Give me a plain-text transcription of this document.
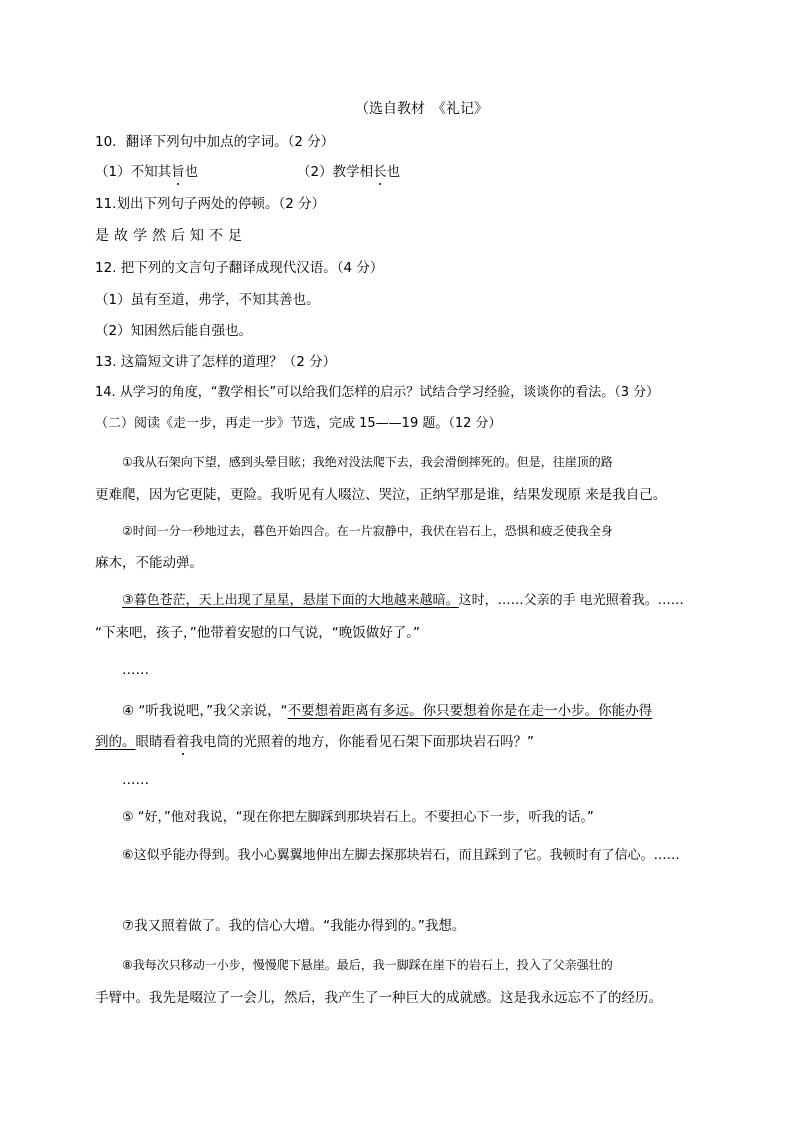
（选自教材　《礼记》
10．翻译下列句中加点的字词。（2 分）
（1）不知其旨也	（2）教学相长也
11.划出下列句子两处的停顿。（2 分）
是故学然后知不足
12. 把下列的文言句子翻译成现代汉语。（4 分）
（1）虽有至道，弗学，不知其善也。
（2）知困然后能自强也。
13. 这篇短文讲了怎样的道理？（2 分）
14. 从学习的角度，“教学相长”可以给我们怎样的启示？试结合学习经验，谈谈你的看法。（3 分）
（二）阅读《走一步，再走一步》节选，完成 15——19 题。（12 分）
①我从石架向下望，感到头晕目眩；我绝对没法爬下去，我会滑倒摔死的。但是，往崖顶的路
更难爬，因为它更陡，更险。我听见有人啜泣、哭泣，正纳罕那是谁，结果发现原 来是我自己。
②时间一分一秒地过去，暮色开始四合。在一片寂静中，我伏在岩石上，恐惧和疲乏使我全身
麻木，不能动弹。
③暮色苍茫，天上出现了星星，悬崖下面的大地越来越暗。这时，……父亲的手 电光照着我。……
“下来吧，孩子，”他带着安慰的口气说，“晚饭做好了。”
……
④ “听我说吧，”我父亲说，“不要想着距离有多远。你只要想着你是在走一小步。你能办得
到的。眼睛看着我电筒的光照着的地方，你能看见石架下面那块岩石吗？”
……
⑤ “好，”他对我说，“现在你把左脚踩到那块岩石上。不要担心下一步，听我的话。”
⑥这似乎能办得到。我小心翼翼地伸出左脚去探那块岩石，而且踩到了它。我顿时有了信心。……
⑦我又照着做了。我的信心大增。“我能办得到的。”我想。
⑧我每次只移动一小步，慢慢爬下悬崖。最后，我一脚踩在崖下的岩石上，投入了父亲强壮的
手臂中。我先是啜泣了一会儿，然后，我产生了一种巨大的成就感。这是我永远忘不了的经历。
